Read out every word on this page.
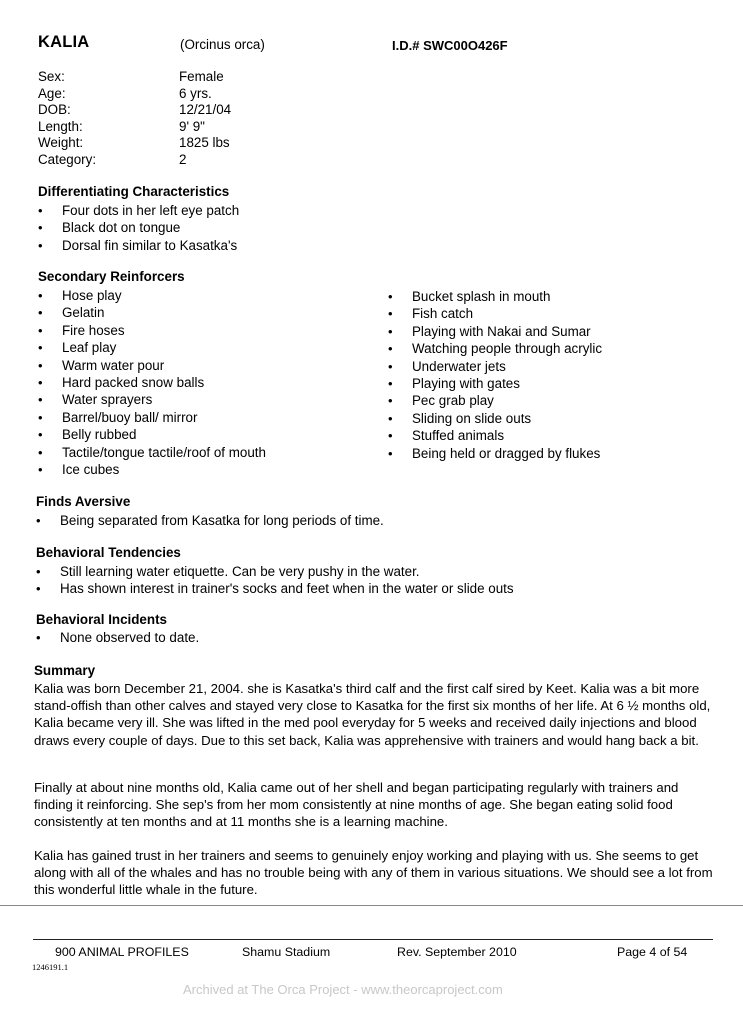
KALIA	(Orcinus orca)	I.D.# SWC00O426F
Sex:	Female
Age:	6 yrs.
DOB:	12/21/04
Length:	9' 9"
Weight:	1825 lbs
Category:	2
Differentiating Characteristics
• Four dots in her left eye patch
• Black dot on tongue
• Dorsal fin similar to Kasatka's
Secondary Reinforcers
• Hose play
• Gelatin
• Fire hoses
• Leaf play
• Warm water pour
• Hard packed snow balls
• Water sprayers
• Barrel/buoy ball/ mirror
• Belly rubbed
• Tactile/tongue tactile/roof of mouth
• Ice cubes
• Bucket splash in mouth
• Fish catch
• Playing with Nakai and Sumar
• Watching people through acrylic
• Underwater jets
• Playing with gates
• Pec grab play
• Sliding on slide outs
• Stuffed animals
• Being held or dragged by flukes
Finds Aversive
• Being separated from Kasatka for long periods of time.
Behavioral Tendencies
• Still learning water etiquette. Can be very pushy in the water.
• Has shown interest in trainer's socks and feet when in the water or slide outs
Behavioral Incidents
• None observed to date.
Summary
Kalia was born December 21, 2004. she is Kasatka's third calf and the first calf sired by Keet. Kalia was a bit more stand-offish than other calves and stayed very close to Kasatka for the first six months of her life. At 6 ½ months old, Kalia became very ill. She was lifted in the med pool everyday for 5 weeks and received daily injections and blood draws every couple of days. Due to this set back, Kalia was apprehensive with trainers and would hang back a bit.
Finally at about nine months old, Kalia came out of her shell and began participating regularly with trainers and finding it reinforcing. She sep's from her mom consistently at nine months of age. She began eating solid food consistently at ten months and at 11 months she is a learning machine.
Kalia has gained trust in her trainers and seems to genuinely enjoy working and playing with us. She seems to get along with all of the whales and has no trouble being with any of them in various situations. We should see a lot from this wonderful little whale in the future.
900 ANIMAL PROFILES	Shamu Stadium	Rev. September 2010	Page 4 of 54
1246191.1
Archived at The Orca Project - www.theorcaproject.com
